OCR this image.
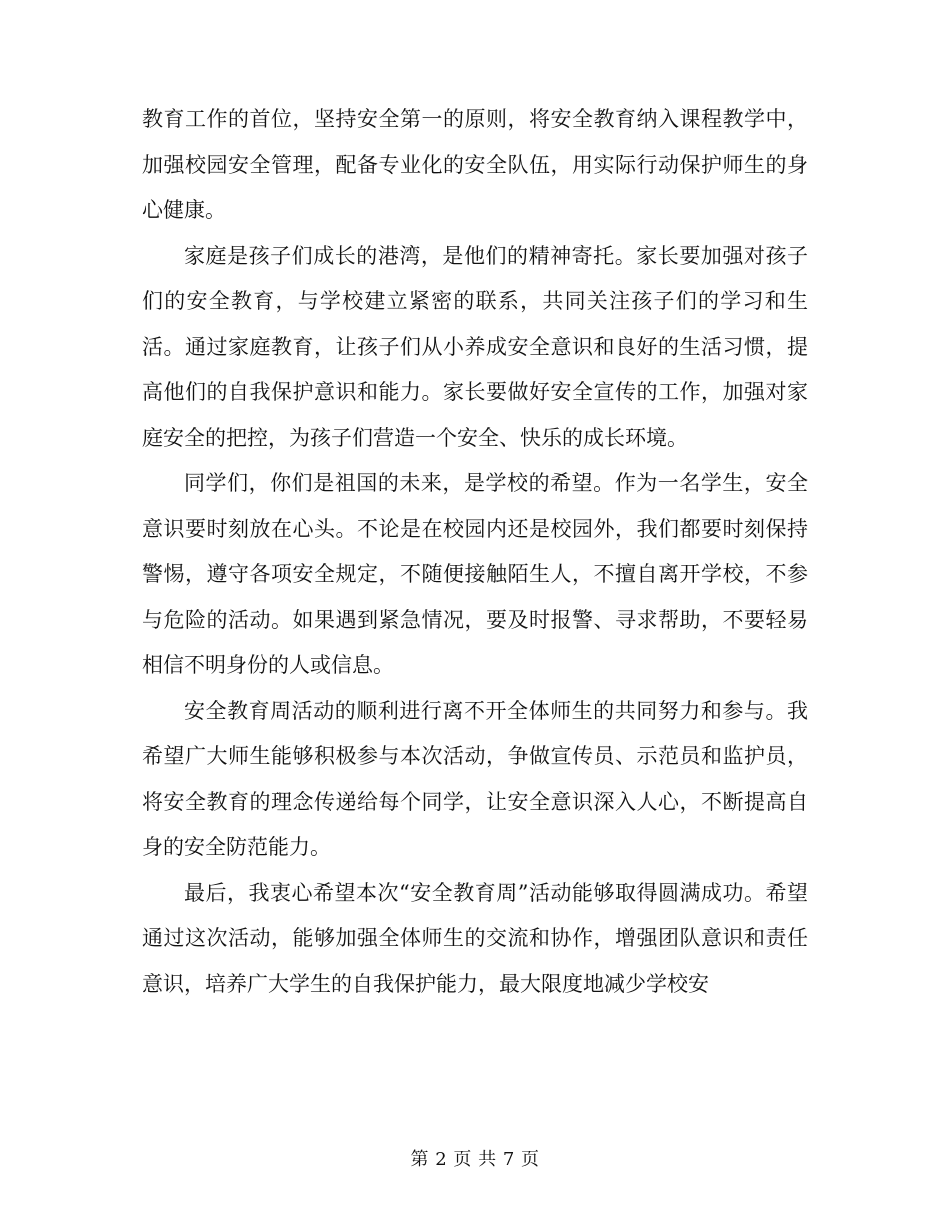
教育工作的首位，坚持安全第一的原则，将安全教育纳入课程教学中，加强校园安全管理，配备专业化的安全队伍，用实际行动保护师生的身心健康。

家庭是孩子们成长的港湾，是他们的精神寄托。家长要加强对孩子们的安全教育，与学校建立紧密的联系，共同关注孩子们的学习和生活。通过家庭教育，让孩子们从小养成安全意识和良好的生活习惯，提高他们的自我保护意识和能力。家长要做好安全宣传的工作，加强对家庭安全的把控，为孩子们营造一个安全、快乐的成长环境。

同学们，你们是祖国的未来，是学校的希望。作为一名学生，安全意识要时刻放在心头。不论是在校园内还是校园外，我们都要时刻保持警惕，遵守各项安全规定，不随便接触陌生人，不擅自离开学校，不参与危险的活动。如果遇到紧急情况，要及时报警、寻求帮助，不要轻易相信不明身份的人或信息。

安全教育周活动的顺利进行离不开全体师生的共同努力和参与。我希望广大师生能够积极参与本次活动，争做宣传员、示范员和监护员，将安全教育的理念传递给每个同学，让安全意识深入人心，不断提高自身的安全防范能力。

最后，我衷心希望本次“安全教育周”活动能够取得圆满成功。希望通过这次活动，能够加强全体师生的交流和协作，增强团队意识和责任意识，培养广大学生的自我保护能力，最大限度地减少学校安

第 2 页 共 7 页
